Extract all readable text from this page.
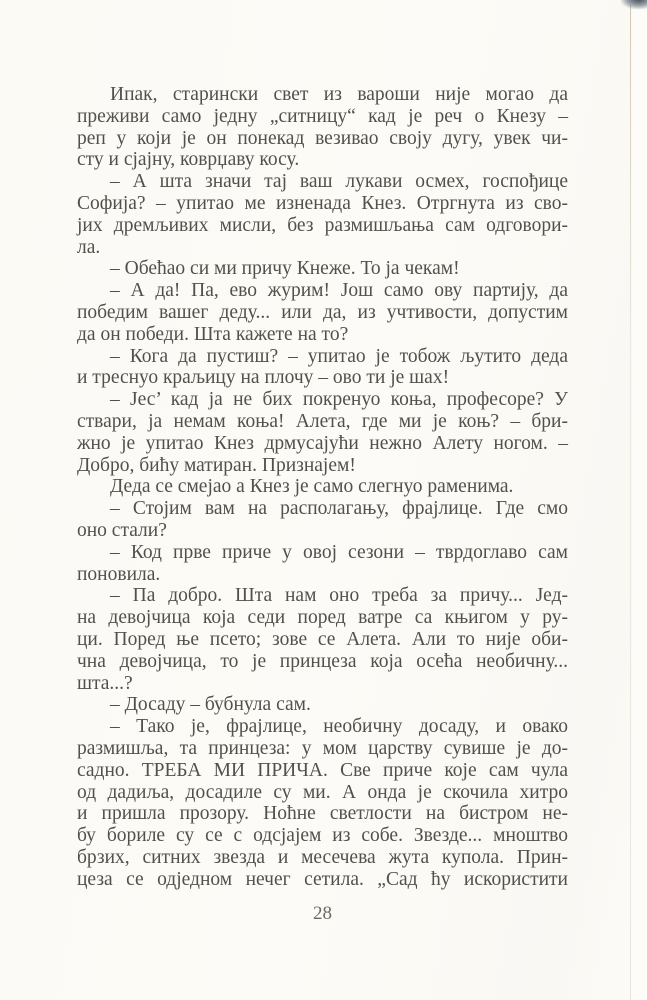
Ипак, старински свет из вароши није могао да
преживи само једну „ситницу“ кад је реч о Кнезу –
реп у који је он понекад везивао своју дугу, увек чи-
сту и сјајну, коврџаву косу.
– А шта значи тај ваш лукави осмех, госпођице
Софија? – упитао ме изненада Кнез. Отргнута из сво-
јих дремљивих мисли, без размишљања сам одговори-
ла.
– Обећао си ми причу Кнеже. То ја чекам!
– А да! Па, ево журим! Још само ову партију, да
победим вашег деду... или да, из учтивости, допустим
да он победи. Шта кажете на то?
– Кога да пустиш? – упитао је тобож љутито деда
и треснуо краљицу на плочу – ово ти је шах!
– Јес’ кад ја не бих покренуо коња, професоре? У
ствари, ја немам коња! Алета, где ми је коњ? – бри-
жно је упитао Кнез дрмусајући нежно Алету ногом. –
Добро, бићу матиран. Признајем!
Деда се смејао а Кнез је само слегнуо раменима.
– Стојим вам на располагању, фрајлице. Где смо
оно стали?
– Код прве приче у овој сезони – тврдоглаво сам
поновила.
– Па добро. Шта нам оно треба за причу... Јед-
на девојчица која седи поред ватре са књигом у ру-
ци. Поред ње псето; зове се Алета. Али то није оби-
чна девојчица, то је принцеза која осећа необичну...
шта...?
– Досаду – бубнула сам.
– Тако је, фрајлице, необичну досаду, и овако
размишља, та принцеза: у мом царству сувише је до-
садно. ТРЕБА МИ ПРИЧА. Све приче које сам чула
од дадиља, досадиле су ми. А онда је скочила хитро
и пришла прозору. Ноћне светлости на бистром не-
бу бориле су се с одсјајем из собе. Звезде... мноштво
брзих, ситних звезда и месечева жута купола. Прин-
цеза се одједном нечег сетила. „Сад ћу искористити
28
